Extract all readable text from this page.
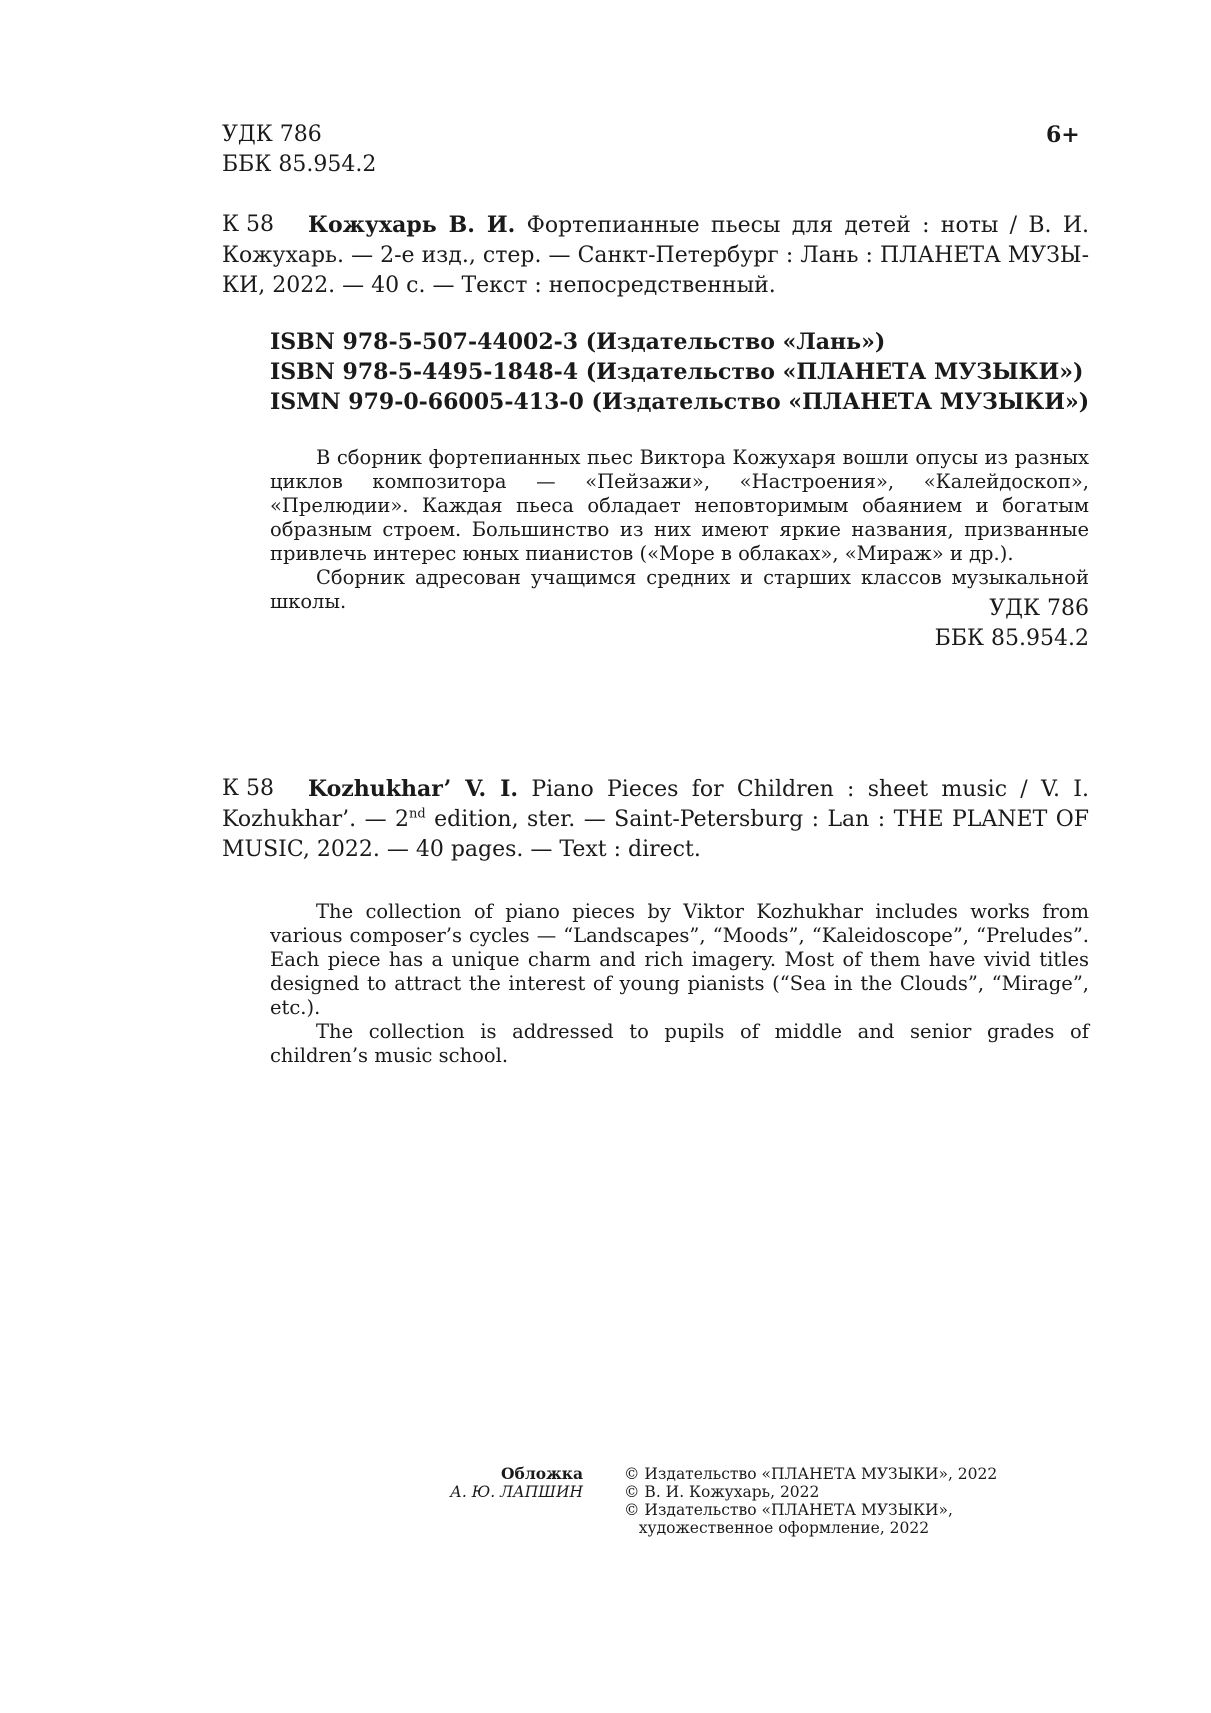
УДК 786
ББК 85.954.2
6+
К 58	Кожухарь В. И. Фортепианные пьесы для детей : ноты / В. И. Кожухарь. — 2-е изд., стер. — Санкт-Петербург : Лань : ПЛАНЕТА МУЗЫКИ, 2022. — 40 с. — Текст : непосредственный.
ISBN 978-5-507-44002-3 (Издательство «Лань»)
ISBN 978-5-4495-1848-4 (Издательство «ПЛАНЕТА МУЗЫКИ»)
ISMN 979-0-66005-413-0 (Издательство «ПЛАНЕТА МУЗЫКИ»)

В сборник фортепианных пьес Виктора Кожухаря вошли опусы из разных циклов композитора — «Пейзажи», «Настроения», «Калейдоскоп», «Прелюдии». Каждая пьеса обладает неповторимым обаянием и богатым образным строем. Большинство из них имеют яркие названия, призванные привлечь интерес юных пианистов («Море в облаках», «Мираж» и др.).

Сборник адресован учащимся средних и старших классов музыкальной школы.	УДК 786
ББК 85.954.2
К 58	Kozhukhar’ V. I. Piano Pieces for Children : sheet music / V. I. Kozhukhar’. — 2nd edition, ster. — Saint-Petersburg : Lan : THE PLANET OF MUSIC, 2022. — 40 pages. — Text : direct.

The collection of piano pieces by Viktor Kozhukhar includes works from various composer’s cycles — “Landscapes”, “Moods”, “Kaleidoscope”, “Preludes”. Each piece has a unique charm and rich imagery. Most of them have vivid titles designed to attract the interest of young pianists (“Sea in the Clouds”, “Mirage”, etc.).

The collection is addressed to pupils of middle and senior grades of children’s music school.

Обложка
А. Ю. ЛАПШИН
© Издательство «ПЛАНЕТА МУЗЫКИ», 2022
© В. И. Кожухарь, 2022
© Издательство «ПЛАНЕТА МУЗЫКИ»,
художественное оформление, 2022
